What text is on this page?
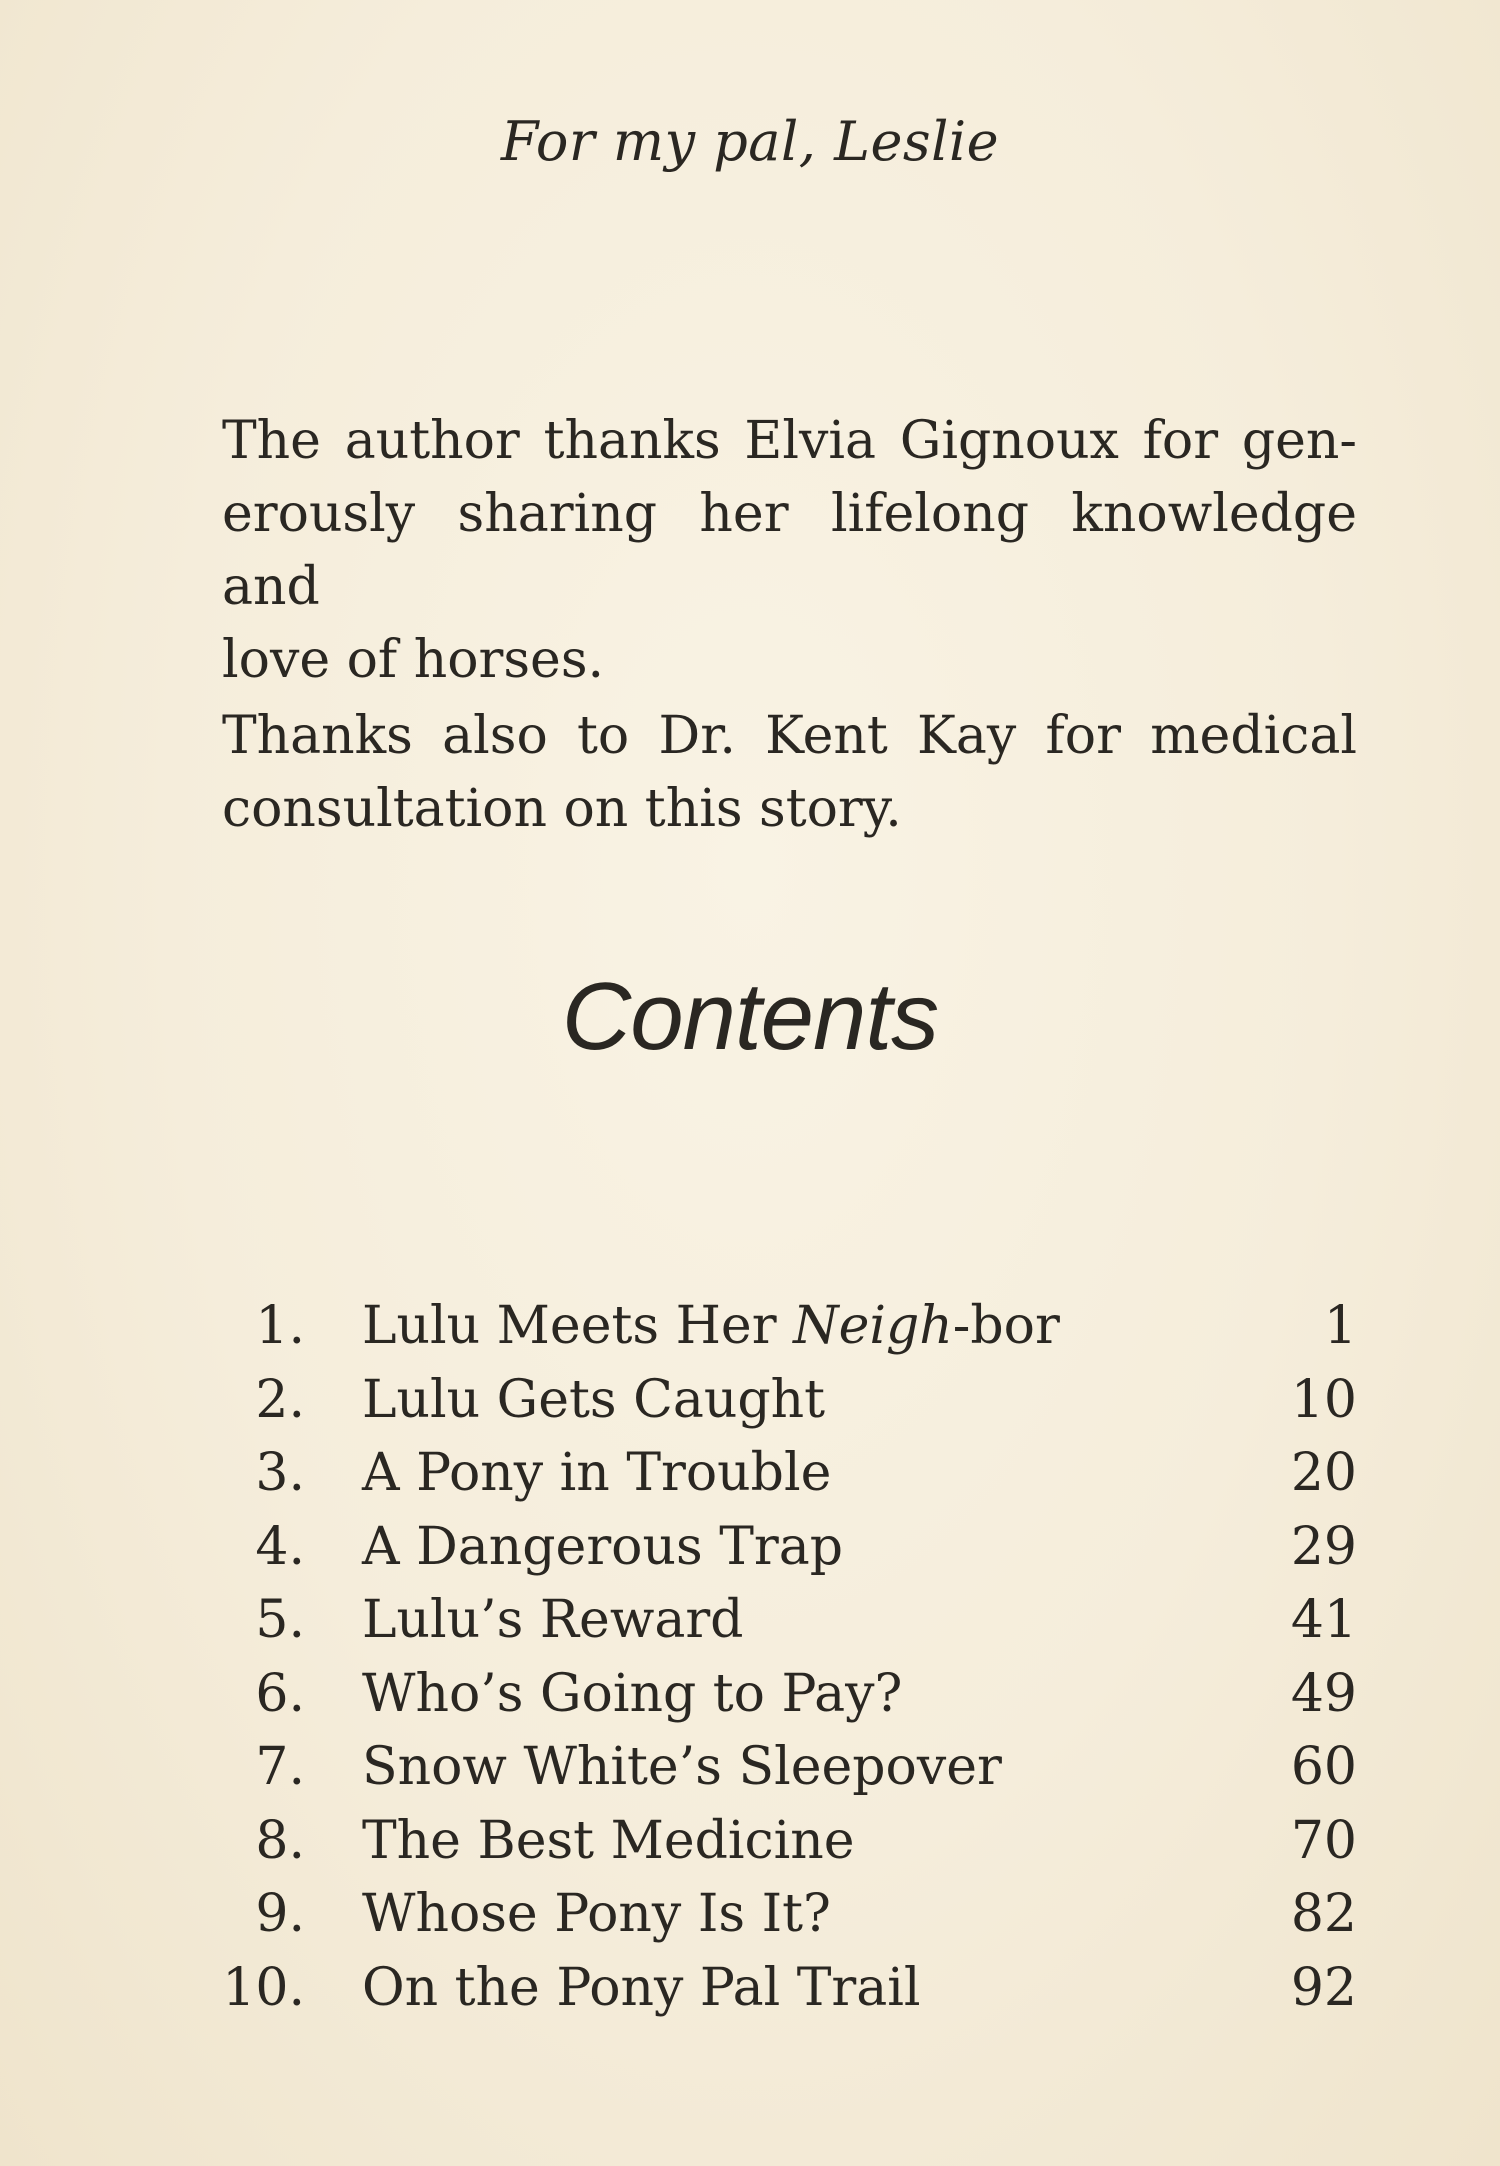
For my pal, Leslie
The author thanks Elvia Gignoux for gen-
erously sharing her lifelong knowledge and
love of horses.
Thanks also to Dr. Kent Kay for medical
consultation on this story.
Contents
1. Lulu Meets Her Neigh-bor	1
2. Lulu Gets Caught	10
3. A Pony in Trouble	20
4. A Dangerous Trap	29
5. Lulu’s Reward	41
6. Who’s Going to Pay?	49
7. Snow White’s Sleepover	60
8. The Best Medicine	70
9. Whose Pony Is It?	82
10. On the Pony Pal Trail	92
